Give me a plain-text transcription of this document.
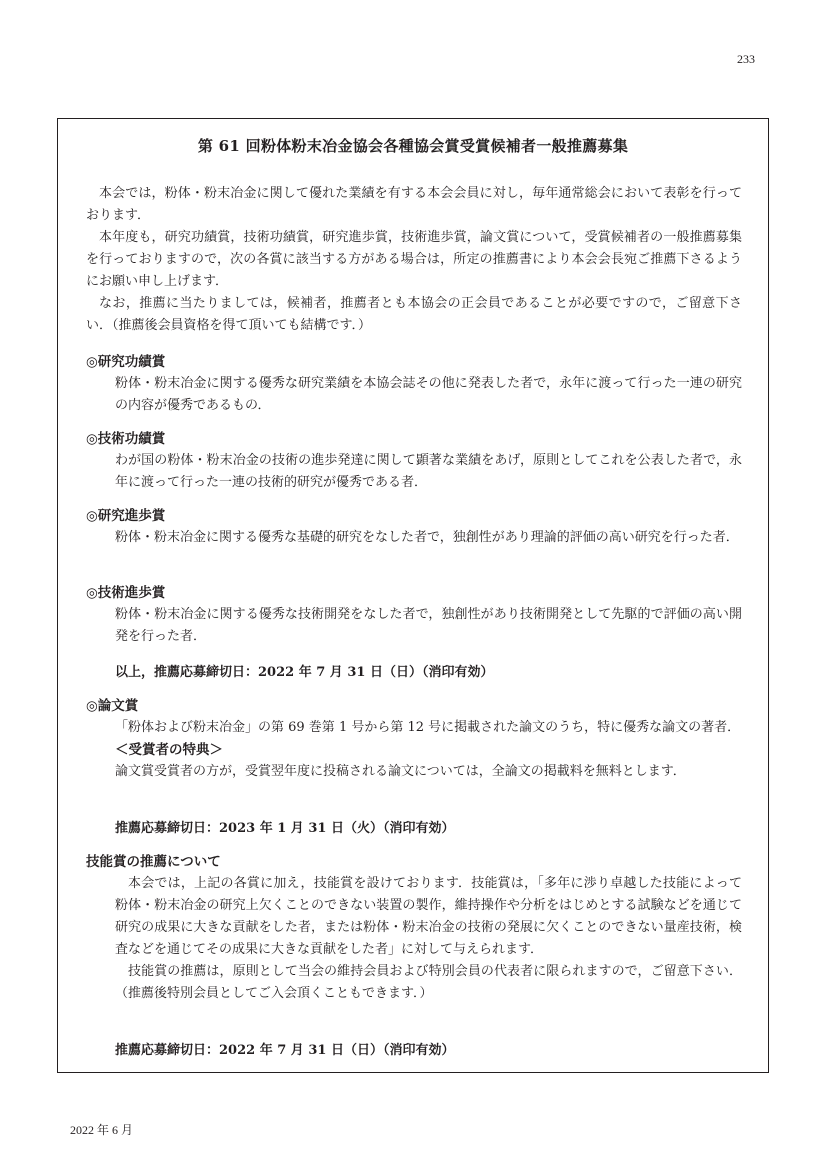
233
第 61 回粉体粉末冶金協会各種協会賞受賞候補者一般推薦募集

本会では，粉体・粉末冶金に関して優れた業績を有する本会会員に対し，毎年通常総会において表彰を行っております．

本年度も，研究功績賞，技術功績賞，研究進歩賞，技術進歩賞，論文賞について，受賞候補者の一般推薦募集を行っておりますので，次の各賞に該当する方がある場合は，所定の推薦書により本会会長宛ご推薦下さるようにお願い申し上げます．

なお，推薦に当たりましては，候補者，推薦者とも本協会の正会員であることが必要ですので，ご留意下さい．（推薦後会員資格を得て頂いても結構です．）

◎研究功績賞

粉体・粉末冶金に関する優秀な研究業績を本協会誌その他に発表した者で，永年に渡って行った一連の研究の内容が優秀であるもの．

◎技術功績賞

わが国の粉体・粉末冶金の技術の進歩発達に関して顕著な業績をあげ，原則としてこれを公表した者で，永年に渡って行った一連の技術的研究が優秀である者．

◎研究進歩賞

粉体・粉末冶金に関する優秀な基礎的研究をなした者で，独創性があり理論的評価の高い研究を行った者．

◎技術進歩賞

粉体・粉末冶金に関する優秀な技術開発をなした者で，独創性があり技術開発として先駆的で評価の高い開発を行った者．

以上，推薦応募締切日：2022 年 7 月 31 日（日）（消印有効）

◎論文賞

「粉体および粉末冶金」の第 69 巻第 1 号から第 12 号に掲載された論文のうち，特に優秀な論文の著者．

＜受賞者の特典＞

論文賞受賞者の方が，受賞翌年度に投稿される論文については，全論文の掲載料を無料とします．

推薦応募締切日：2023 年 1 月 31 日（火）（消印有効）

技能賞の推薦について

本会では，上記の各賞に加え，技能賞を設けております．技能賞は，「多年に渉り卓越した技能によって粉体・粉末冶金の研究上欠くことのできない装置の製作，維持操作や分析をはじめとする試験などを通じて研究の成果に大きな貢献をした者，または粉体・粉末冶金の技術の発展に欠くことのできない量産技術，検査などを通じてその成果に大きな貢献をした者」に対して与えられます．

技能賞の推薦は，原則として当会の維持会員および特別会員の代表者に限られますので，ご留意下さい．（推薦後特別会員としてご入会頂くこともできます．）

推薦応募締切日：2022 年 7 月 31 日（日）（消印有効）
2022 年 6 月
